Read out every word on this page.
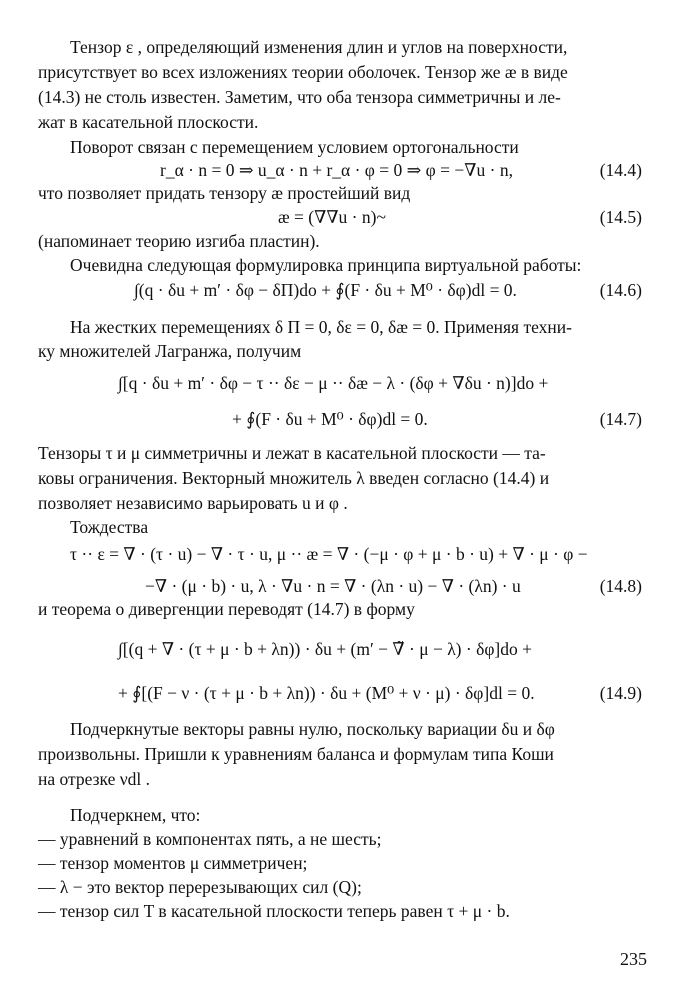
Тензор ε , определяющий изменения длин и углов на поверхности,
присутствует во всех изложениях теории оболочек. Тензор же æ в виде
(14.3) не столь известен. Заметим, что оба тензора симметричны и ле-
жат в касательной плоскости.
Поворот связан с перемещением условием ортогональности
r_α · n = 0 ⇒ u_α · n + r_α · φ = 0 ⇒ φ = −∇u · n,	(14.4)
что позволяет придать тензору æ простейший вид
æ = (∇∇u · n)~	(14.5)
(напоминает теорию изгиба пластин).
Очевидна следующая формулировка принципа виртуальной работы:
∫(q · δu + m′ · δφ − δΠ)do + ∮(F · δu + M⁰ · δφ)dl = 0.	(14.6)
На жестких перемещениях δ Π = 0, δε = 0, δæ = 0. Применяя техни-
ку множителей Лагранжа, получим
∫[q · δu + m′ · δφ − τ ·· δε − μ ·· δæ − λ · (δφ + ∇δu · n)]do +
+ ∮(F · δu + M⁰ · δφ)dl = 0.	(14.7)
Тензоры τ и μ симметричны и лежат в касательной плоскости — та-
ковы ограничения. Векторный множитель λ введен согласно (14.4) и
позволяет независимо варьировать u и φ .
Тождества
τ ·· ε = ∇ · (τ · u) − ∇ · τ · u, μ ·· æ = ∇ · (−μ · φ + μ · b · u) + ∇ · μ · φ −
−∇ · (μ · b) · u, λ · ∇u · n = ∇ · (λn · u) − ∇ · (λn) · u	(14.8)
и теорема о дивергенции переводят (14.7) в форму
∫[(q + ∇ · (τ + μ · b + λn)) · δu + (m′ − ∇̃ · μ − λ) · δφ]do +
+ ∮[(F − ν · (τ + μ · b + λn)) · δu + (M⁰ + ν · μ) · δφ]dl = 0.	(14.9)
Подчеркнутые векторы равны нулю, поскольку вариации δu и δφ
произвольны. Пришли к уравнениям баланса и формулам типа Коши
на отрезке νdl .
Подчеркнем, что:
— уравнений в компонентах пять, а не шесть;
— тензор моментов μ симметричен;
— λ − это вектор перерезывающих сил (Q);
— тензор сил T в касательной плоскости теперь равен τ + μ · b.
235
